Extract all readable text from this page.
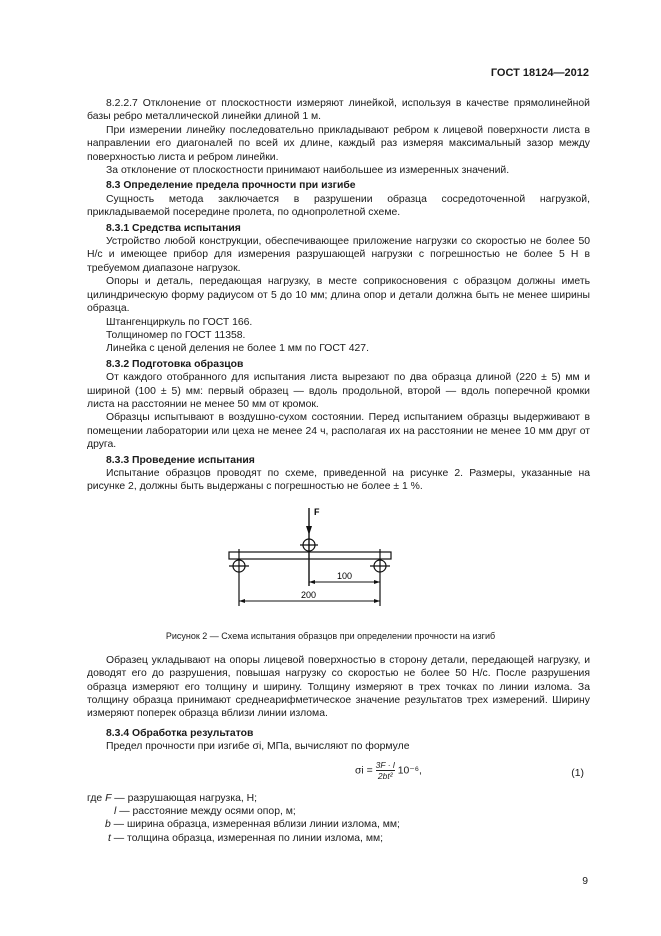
ГОСТ 18124—2012

8.2.2.7 Отклонение от плоскостности измеряют линейкой, используя в качестве прямолинейной базы ребро металлической линейки длиной 1 м.

При измерении линейку последовательно прикладывают ребром к лицевой поверхности листа в направлении его диагоналей по всей их длине, каждый раз измеряя максимальный зазор между поверхностью листа и ребром линейки.

За отклонение от плоскостности принимают наибольшее из измеренных значений.

8.3 Определение предела прочности при изгибе

Сущность метода заключается в разрушении образца сосредоточенной нагрузкой, прикладываемой посередине пролета, по однопролетной схеме.

8.3.1 Средства испытания

Устройство любой конструкции, обеспечивающее приложение нагрузки со скоростью не более 50 Н/с и имеющее прибор для измерения разрушающей нагрузки с погрешностью не более 5 Н в требуемом диапазоне нагрузок.

Опоры и деталь, передающая нагрузку, в месте соприкосновения с образцом должны иметь цилиндрическую форму радиусом от 5 до 10 мм; длина опор и детали должна быть не менее ширины образца.

Штангенциркуль по ГОСТ 166.

Толщиномер по ГОСТ 11358.

Линейка с ценой деления не более 1 мм по ГОСТ 427.

8.3.2 Подготовка образцов

От каждого отобранного для испытания листа вырезают по два образца длиной (220 ± 5) мм и шириной (100 ± 5) мм: первый образец — вдоль продольной, второй — вдоль поперечной кромки листа на расстоянии не менее 50 мм от кромок.

Образцы испытывают в воздушно-сухом состоянии. Перед испытанием образцы выдерживают в помещении лаборатории или цеха не менее 24 ч, располагая их на расстоянии не менее 10 мм друг от друга.

8.3.3 Проведение испытания

Испытание образцов проводят по схеме, приведенной на рисунке 2. Размеры, указанные на рисунке 2, должны быть выдержаны с погрешностью не более ± 1 %.

F
100
200
Рисунок 2 — Схема испытания образцов при определении прочности на изгиб

Образец укладывают на опоры лицевой поверхностью в сторону детали, передающей нагрузку, и доводят его до разрушения, повышая нагрузку со скоростью не более 50 Н/с. После разрушения образца измеряют его толщину и ширину. Толщину измеряют в трех точках по линии излома. За толщину образца принимают среднеарифметическое значение результатов трех измерений. Ширину измеряют поперек образца вблизи линии излома.

8.3.4 Обработка результатов

Предел прочности при изгибе σi, МПа, вычисляют по формуле

$\sigma i = \frac{3F \cdot l}{\text{2bt²}} 10^{-6}$,	(1)
где F — разрушающая нагрузка, Н;
l — расстояние между осями опор, м;
b — ширина образца, измеренная вблизи линии излома, мм;
t — толщина образца, измеренная по линии излома, мм;
9
